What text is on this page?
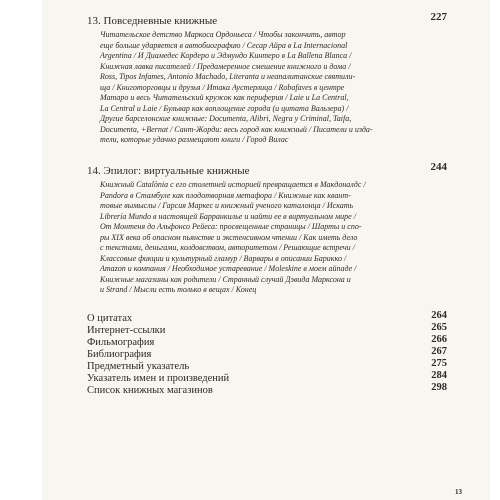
13. Повседневные книжные	227
Читательское детство Маркоса Ордоньеса / Чтобы закончить, автор
еще больше ударяется в автобиографию / Сесар Айра в La Internacional
Argentina / И Диамедес Кордеро и Эдмундо Кинтеро в La Ballena Blanca /
Книжная лавка писателей / Предамеренное смешение книжного и дома /
Ross, Tipos Infames, Antonio Machado, Literanta и неапалитанские святили-
ща / Книготорговцы и друзья / Итака Аустерлица / Robafaves в центре
Матаро и весь Читательский кружок как периферия / Laie и La Central,
La Central и Laie / Бульвар как воплощение города (и цитата Вальзера) /
Другие барселонские книжные: Documenta, Alibri, Negra y Criminal, Taifa,
Documenta, +Bernat / Сант-Жорди: весь город как книжный / Писатели и изда-
тели, которые удачно размещают книги / Город Вилас
14. Эпилог: виртуальные книжные	244
Книжный Catalònia с его столетней историей превращается в Макдоналдс /
Pandora в Стамбуле как плодотворная метафора / Книжные как квант-
товые вымыслы / Гарсия Маркес и книжный ученого каталонца / Искать
Librería Mundo в настоящей Барранкилье и найти ее в виртуальном мире /
От Монтеня до Альфонсо Рейеса: просвещенные страницы / Шарты и спо-
ры XIX века об опасном пьянстве и экстенсивном чтении / Как иметь дело
с текстами, деньгами, колдовством, авторитетом / Решающие встречи /
Классовые фикции и культурный гламур / Варвары в описании Барикко /
Amazon и компания / Необходимое устаревание / Moleskine в моем айпаде /
Книжные магазины как родители / Странный случай Дэвида Марксона и
и Strand / Мысли есть только в вещах / Конец
О цитатах	264
Интернет-ссылки	265
Фильмография	266
Библиография	267
Предметный указатель	275
Указатель имен и произведений	284
Список книжных магазинов	298
13
